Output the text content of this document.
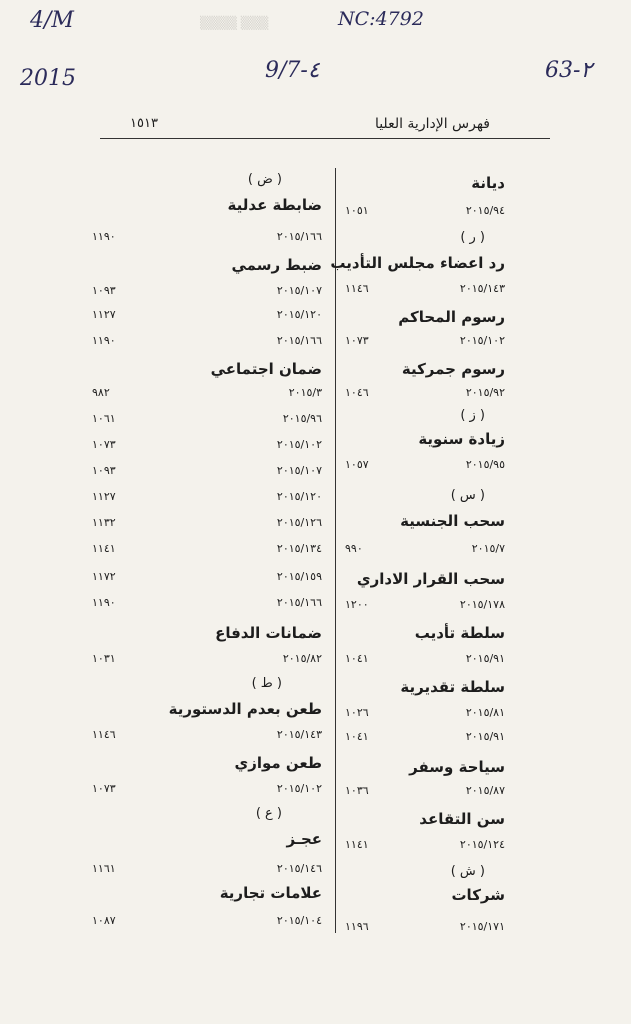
▒▒▒▒ ▒▒▒
4/M	NC:4792
2015	9/7-٤	63-٢
فهرس الإدارية العليا
١٥١٣
ديانة
١٠٥١	٢٠١٥/٩٤
( ر )
رد اعضاء مجلس التأديب
١١٤٦	٢٠١٥/١٤٣
رسوم المحاكم
١٠٧٣	٢٠١٥/١٠٢
رسوم جمركية
١٠٤٦	٢٠١٥/٩٢
( ز )
زيادة سنوية
١٠٥٧	٢٠١٥/٩٥
( س )
سحب الجنسية
٩٩٠	٢٠١٥/٧
سحب القرار الاداري
١٢٠٠	٢٠١٥/١٧٨
سلطة تأديب
١٠٤١	٢٠١٥/٩١
سلطة تقديرية
١٠٢٦	٢٠١٥/٨١
١٠٤١	٢٠١٥/٩١
سياحة وسفر
١٠٣٦	٢٠١٥/٨٧
سن التقاعد
١١٤١	٢٠١٥/١٢٤
( ش )
شركات
١١٩٦	٢٠١٥/١٧١
( ض )
ضابطة عدلية
١١٩٠	٢٠١٥/١٦٦
ضبط رسمي
١٠٩٣	٢٠١٥/١٠٧
١١٢٧	٢٠١٥/١٢٠
١١٩٠	٢٠١٥/١٦٦
ضمان اجتماعي
٩٨٢	٢٠١٥/٣
١٠٦١	٢٠١٥/٩٦
١٠٧٣	٢٠١٥/١٠٢
١٠٩٣	٢٠١٥/١٠٧
١١٢٧	٢٠١٥/١٢٠
١١٣٢	٢٠١٥/١٢٦
١١٤١	٢٠١٥/١٣٤
١١٧٢	٢٠١٥/١٥٩
١١٩٠	٢٠١٥/١٦٦
ضمانات الدفاع
١٠٣١	٢٠١٥/٨٢
( ط )
طعن بعدم الدستورية
١١٤٦	٢٠١٥/١٤٣
طعن موازي
١٠٧٣	٢٠١٥/١٠٢
( ع )
عجـز
١١٦١	٢٠١٥/١٤٦
علامات تجارية
١٠٨٧	٢٠١٥/١٠٤
